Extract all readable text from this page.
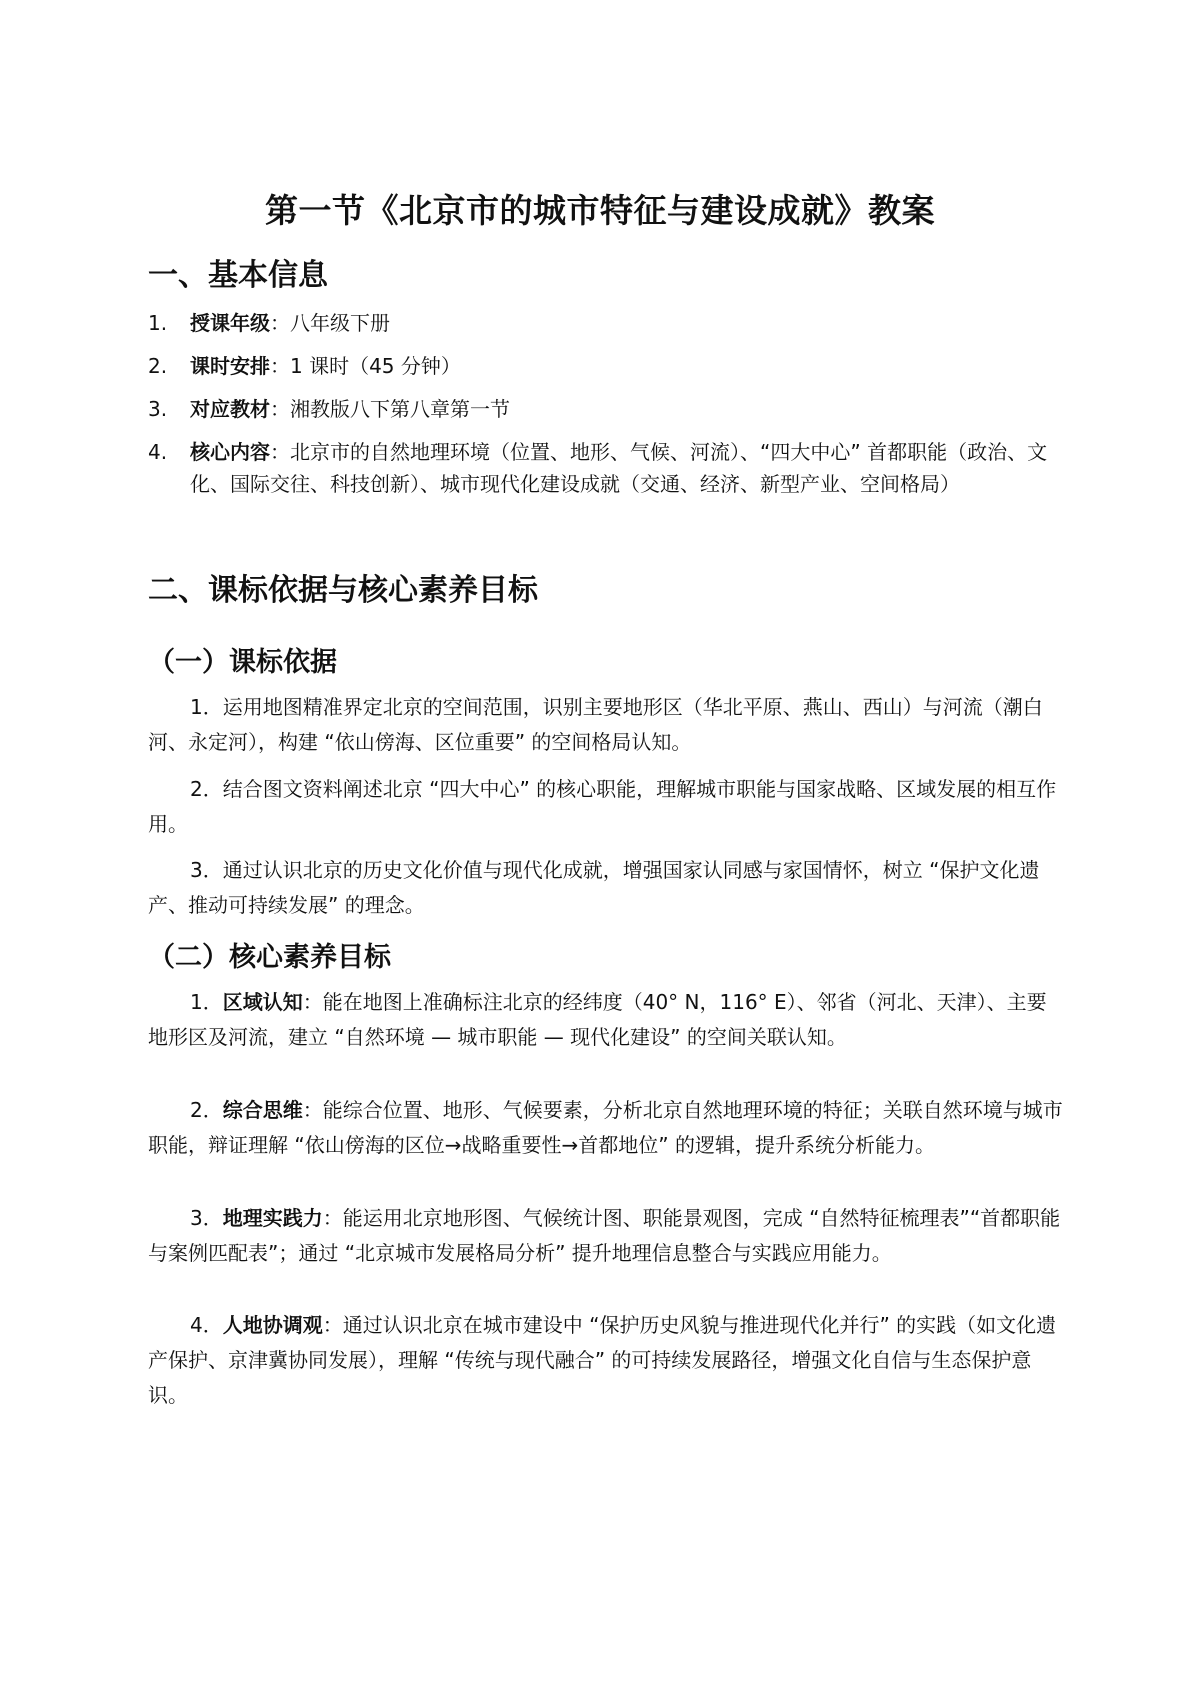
第一节《北京市的城市特征与建设成就》教案
一、基本信息
1.	授课年级：八年级下册
2.	课时安排：1 课时（45 分钟）
3.	对应教材：湘教版八下第八章第一节
4.	核心内容：北京市的自然地理环境（位置、地形、气候、河流）、“四大中心” 首都职能（政治、文化、国际交往、科技创新）、城市现代化建设成就（交通、经济、新型产业、空间格局）
二、课标依据与核心素养目标
（一）课标依据
1．运用地图精准界定北京的空间范围，识别主要地形区（华北平原、燕山、西山）与河流（潮白河、永定河），构建 “依山傍海、区位重要” 的空间格局认知。
2．结合图文资料阐述北京 “四大中心” 的核心职能，理解城市职能与国家战略、区域发展的相互作用。
3．通过认识北京的历史文化价值与现代化成就，增强国家认同感与家国情怀，树立 “保护文化遗产、推动可持续发展” 的理念。
（二）核心素养目标
1．区域认知：能在地图上准确标注北京的经纬度（40° N，116° E）、邻省（河北、天津）、主要地形区及河流，建立 “自然环境 — 城市职能 — 现代化建设” 的空间关联认知。
2．综合思维：能综合位置、地形、气候要素，分析北京自然地理环境的特征；关联自然环境与城市职能，辩证理解 “依山傍海的区位→战略重要性→首都地位” 的逻辑，提升系统分析能力。
3．地理实践力：能运用北京地形图、气候统计图、职能景观图，完成 “自然特征梳理表”“首都职能与案例匹配表”；通过 “北京城市发展格局分析” 提升地理信息整合与实践应用能力。
4．人地协调观：通过认识北京在城市建设中 “保护历史风貌与推进现代化并行” 的实践（如文化遗产保护、京津冀协同发展），理解 “传统与现代融合” 的可持续发展路径，增强文化自信与生态保护意识。
